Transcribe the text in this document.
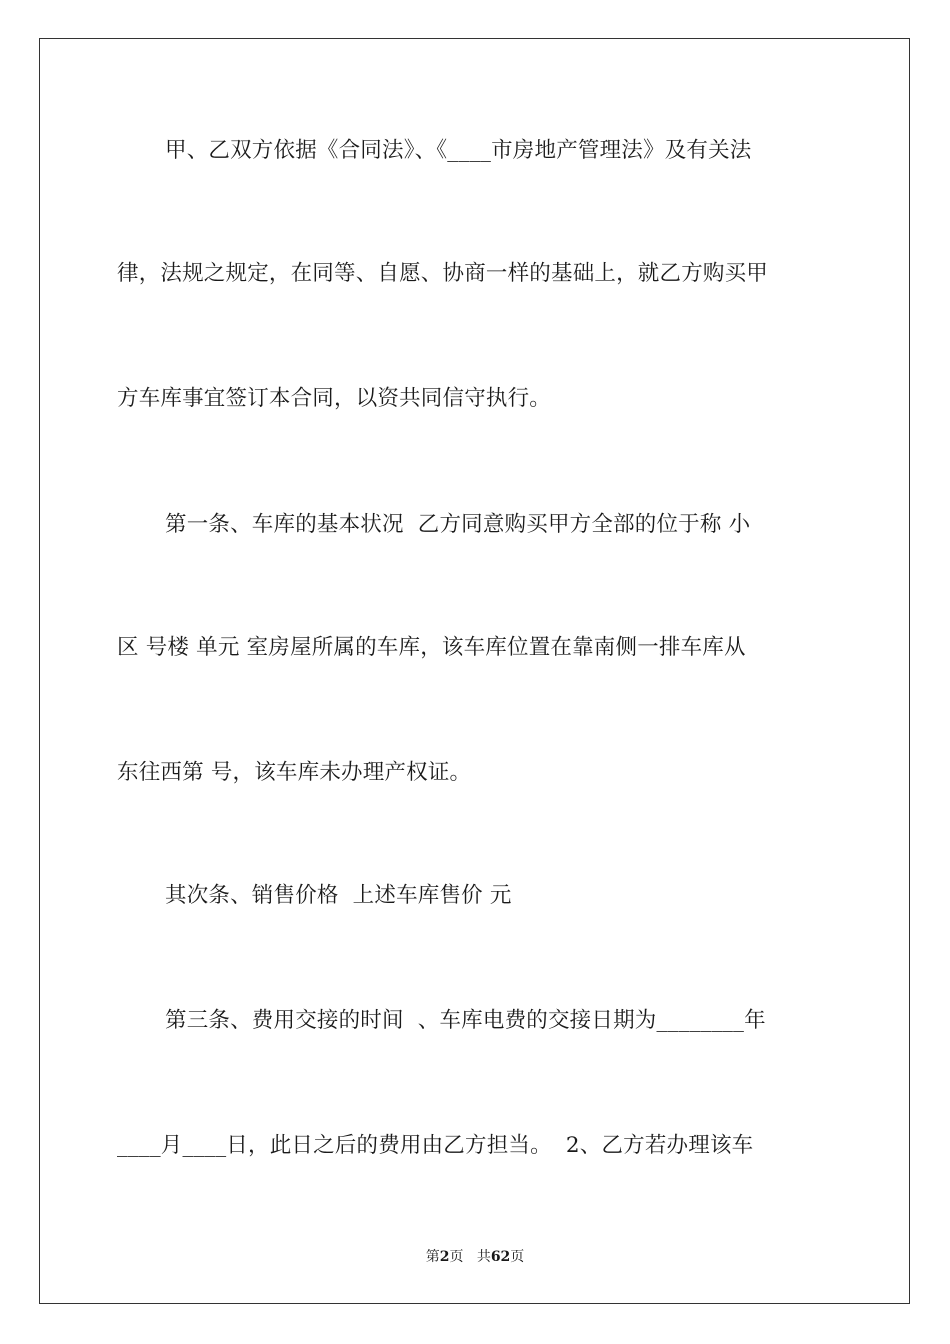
甲、乙双方依据《合同法》、《____市房地产管理法》及有关法
律，法规之规定，在同等、自愿、协商一样的基础上，就乙方购买甲
方车库事宜签订本合同，以资共同信守执行。
第一条、车库的基本状况  乙方同意购买甲方全部的位于称 小
区 号楼 单元 室房屋所属的车库，该车库位置在靠南侧一排车库从
东往西第 号，该车库未办理产权证。
其次条、销售价格  上述车库售价 元
第三条、费用交接的时间  、车库电费的交接日期为________年
____月____日，此日之后的费用由乙方担当。  2、乙方若办理该车
第2页 共62页
